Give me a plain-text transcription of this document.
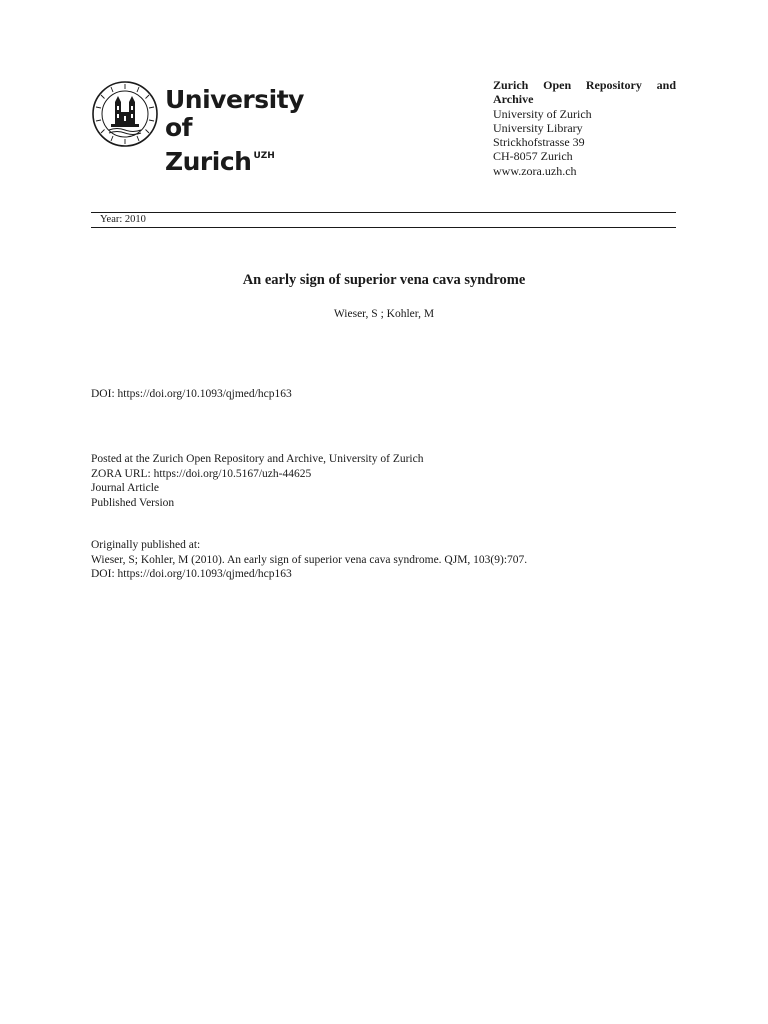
University of
Zurich $^{UZH}$
Zurich Open Repository and Archive
University of Zurich
University Library
Strickhofstrasse 39
CH-8057 Zurich
www.zora.uzh.ch
Year: 2010
An early sign of superior vena cava syndrome
Wieser, S ; Kohler, M
DOI: https://doi.org/10.1093/qjmed/hcp163
Posted at the Zurich Open Repository and Archive, University of Zurich
ZORA URL: https://doi.org/10.5167/uzh-44625
Journal Article
Published Version
Originally published at:
Wieser, S; Kohler, M (2010). An early sign of superior vena cava syndrome. QJM, 103(9):707.
DOI: https://doi.org/10.1093/qjmed/hcp163
